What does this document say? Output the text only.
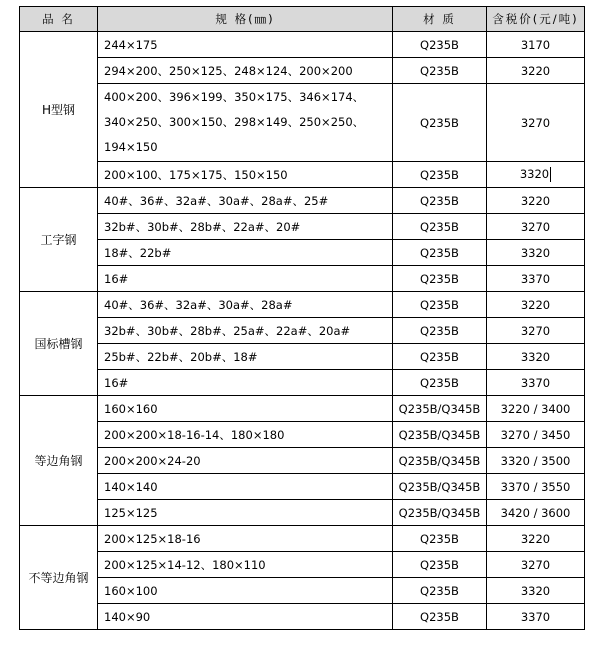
品 名	规 格(㎜)	材 质	含税价(元/吨)
H型钢	244×175	Q235B	3170

	294×200、250×125、248×124、200×200	Q235B	3220

	400×200、396×199、350×175、346×174、
340×250、300×150、298×149、250×250、
194×150	Q235B	3270

	200×100、175×175、150×150	Q235B	3320
工字钢	40#、36#、32a#、30a#、28a#、25#	Q235B	3220

	32b#、30b#、28b#、22a#、20#	Q235B	3270

	18#、22b#	Q235B	3320

	16#	Q235B	3370
国标槽钢	40#、36#、32a#、30a#、28a#	Q235B	3220

	32b#、30b#、28b#、25a#、22a#、20a#	Q235B	3270

	25b#、22b#、20b#、18#	Q235B	3320

	16#	Q235B	3370
等边角钢	160×160	Q235B/Q345B	3220 / 3400

	200×200×18-16-14、180×180	Q235B/Q345B	3270 / 3450

	200×200×24-20	Q235B/Q345B	3320 / 3500

	140×140	Q235B/Q345B	3370 / 3550

	125×125	Q235B/Q345B	3420 / 3600
不等边角钢	200×125×18-16	Q235B	3220

	200×125×14-12、180×110	Q235B	3270

	160×100	Q235B	3320

	140×90	Q235B	3370
